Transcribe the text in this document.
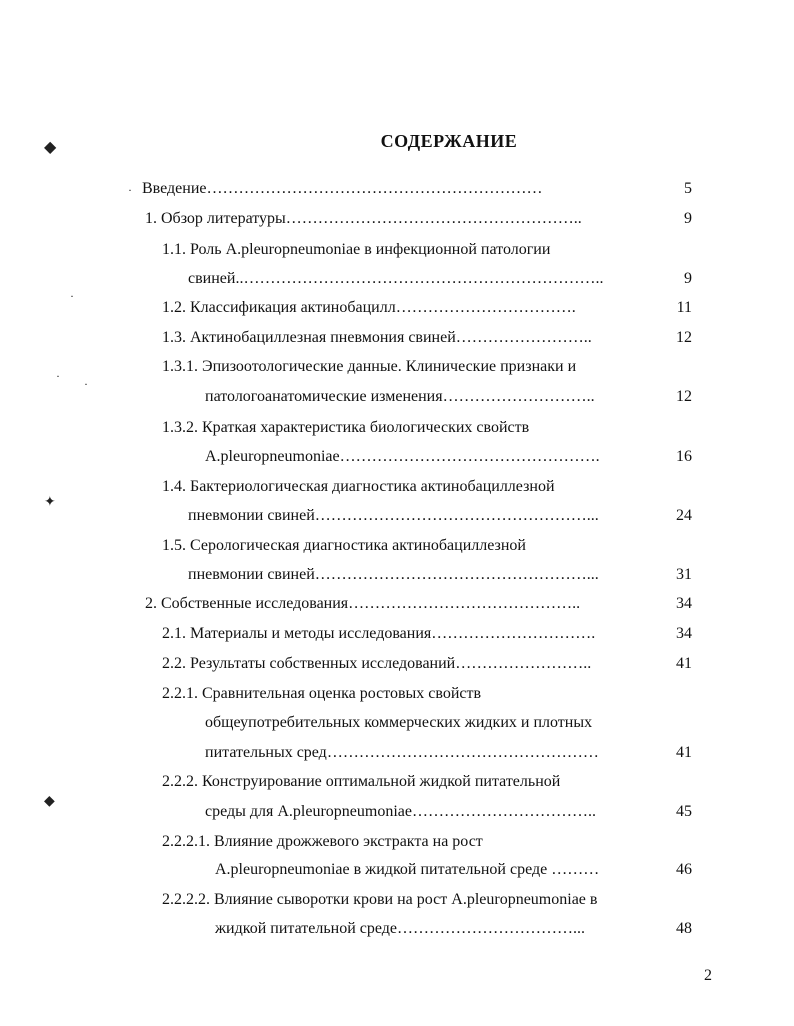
СОДЕРЖАНИЕ
Введение………………………………………………………	5
1. Обзор литературы………………………………………………..	9
1.1. Роль A.pleuropneumoniae в инфекционной патологии
свиней..…………………………………………………………..	9
1.2. Классификация актинобацилл…………………………….	11
1.3. Актинобациллезная пневмония свиней……………………..	12
1.3.1. Эпизоотологические данные. Клинические признаки и
патологоанатомические изменения………………………..	12
1.3.2. Краткая характеристика биологических свойств
A.pleuropneumoniae………………………………………….	16
1.4. Бактериологическая диагностика актинобациллезной
пневмонии свиней……………………………………………...	24
1.5. Серологическая диагностика актинобациллезной
пневмонии свиней……………………………………………...	31
2. Собственные исследования……………………………………..	34
2.1. Материалы и методы исследования………………………….	34
2.2. Результаты собственных исследований……………………..	41
2.2.1. Сравнительная оценка ростовых свойств
общеупотребительных коммерческих жидких и плотных
питательных сред……………………………………………	41
2.2.2. Конструирование оптимальной жидкой питательной
среды для A.pleuropneumoniae……………………………..	45
2.2.2.1. Влияние дрожжевого экстракта на рост
A.pleuropneumoniae в жидкой питательной среде ………	46
2.2.2.2. Влияние сыворотки крови на рост A.pleuropneumoniae в
жидкой питательной среде……………………………...	48
2
◆
✦
◆
·
·
·
·
